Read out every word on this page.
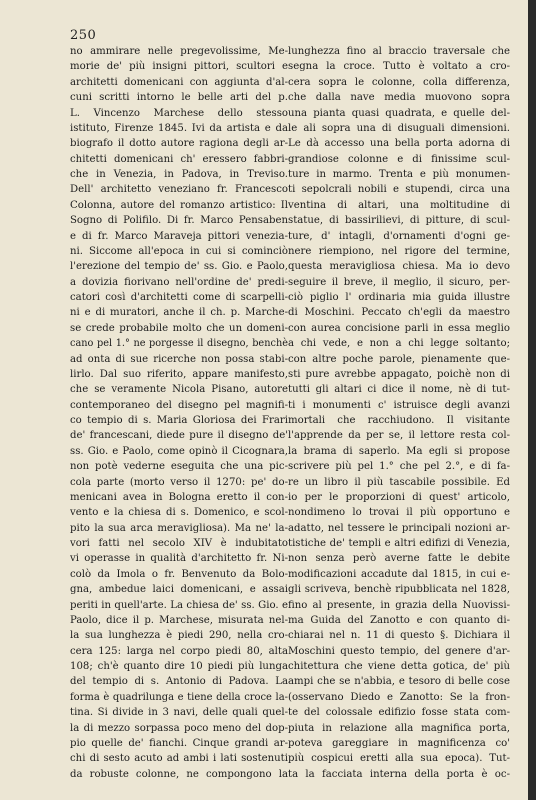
250
no ammirare nelle pregevolissime, Me-
morie de' più insigni pittori, scultori e
architetti domenicani con aggiunta d'al-
cuni scritti intorno le belle arti del p.
L. Vincenzo Marchese dello stesso
istituto, Firenze 1845. Ivi da artista e da
biografo il dotto autore ragiona degli ar-
chitetti domenicani ch' eressero fabbri-
che in Venezia, in Padova, in Treviso.
Dell' architetto veneziano fr. Francesco
Colonna, autore del romanzo artistico: Il
Sogno di Polifilo. Di fr. Marco Pensaben
e di fr. Marco Maraveja pittori venezia-
ni. Siccome all'epoca in cui si cominciò
l'erezione del tempio de' ss. Gio. e Paolo,
a dovizia fiorivano nell'ordine de' predi-
catori così d'architetti come di scarpelli-
ni e di muratori, anche il ch. p. Marche-
se crede probabile molto che un domeni-
cano pel 1.° ne porgesse il disegno, benchè
ad onta di sue ricerche non possa stabi-
lirlo. Dal suo riferito, appare manifesto,
che se veramente Nicola Pisano, autore
contemporaneo del disegno pel magnifi-
co tempio di s. Maria Gloriosa dei Frari
de' francescani, diede pure il disegno de'
ss. Gio. e Paolo, come opinò il Cicognara,
non potè vederne eseguita che una pic-
cola parte (morto verso il 1270: pe' do-
menicani avea in Bologna eretto il con-
vento e la chiesa di s. Domenico, e scol-
pito la sua arca meravigliosa). Ma ne' la-
vori fatti nel secolo XIV è indubitato
vi operasse in qualità d'architetto fr. Ni-
colò da Imola o fr. Benvenuto da Bolo-
gna, ambedue laici domenicani, e assai
periti in quell'arte. La chiesa de' ss. Gio. e
Paolo, dice il p. Marchese, misurata nel-
la sua lunghezza è piedi 290, nella cro-
cera 125: larga nel corpo piedi 80, alta
108; ch'è quanto dire 10 piedi più lunga
del tempio di s. Antonio di Padova. La
forma è quadrilunga e tiene della croce la-
tina. Si divide in 3 navi, delle quali quel-
la di mezzo sorpassa poco meno del dop-
pio quelle de' fianchi. Cinque grandi ar-
chi di sesto acuto ad ambi i lati sostenuti
da robuste colonne, ne compongono la
lunghezza fino al braccio traversale che
segna la croce. Tutto è voltato a cro-
cera sopra le colonne, colla differenza,
che dalla nave media muovono sopra
una pianta quasi quadrata, e quelle del-
le ali sopra una di disuguali dimensioni.
Le dà accesso una bella porta adorna di
grandiose colonne e di finissime scul-
ture in marmo. Trenta e più monumen-
ti sepolcrali nobili e stupendi, circa una
ventina di altari, una moltitudine di
statue, di bassirilievi, di pitture, di scul-
ture, d' intagli, d'ornamenti d'ogni ge-
nere riempiono, nel rigore del termine,
questa meravigliosa chiesa. Ma io devo
seguire il breve, il meglio, il sicuro, per-
ciò piglio l' ordinaria mia guida illustre
di Moschini. Peccato ch'egli da maestro
con aurea concisione parli in essa meglio
a chi vede, e non a chi legge soltanto;
con altre poche parole, pienamente que-
sti pure avrebbe appagato, poichè non di
tutti gli altari ci dice il nome, nè di tut-
ti i monumenti c' istruisce degli avanzi
mortali che racchiudono. Il visitante
l'apprende da per se, il lettore resta col-
la brama di saperlo. Ma egli si propose
scrivere più pel 1.° che pel 2.°, e di fa-
re un libro il più tascabile possibile. Ed
io per le proporzioni di quest' articolo,
nondimeno lo trovai il più opportuno e
adatto, nel tessere le principali nozioni ar-
tistiche de' templi e altri edifizi di Venezia,
non senza però averne fatte le debite
modificazioni accadute dal 1815, in cui e-
gli scriveva, benchè ripubblicata nel 1828,
fino al presente, in grazia della Nuovissi-
ma Guida del Zanotto e con quanto di-
chiarai nel n. 11 di questo §. Dichiara il
Moschini questo tempio, del genere d'ar-
chitettura che viene detta gotica, de' più
ampi che se n'abbia, e tesoro di belle cose
(osservano Diedo e Zanotto: Se la fron-
te del colossale edifizio fosse stata com-
piuta in relazione alla magnifica porta,
poteva gareggiare in magnificenza co'
più cospicui eretti alla sua epoca). Tut-
ta la facciata interna della porta è oc-
